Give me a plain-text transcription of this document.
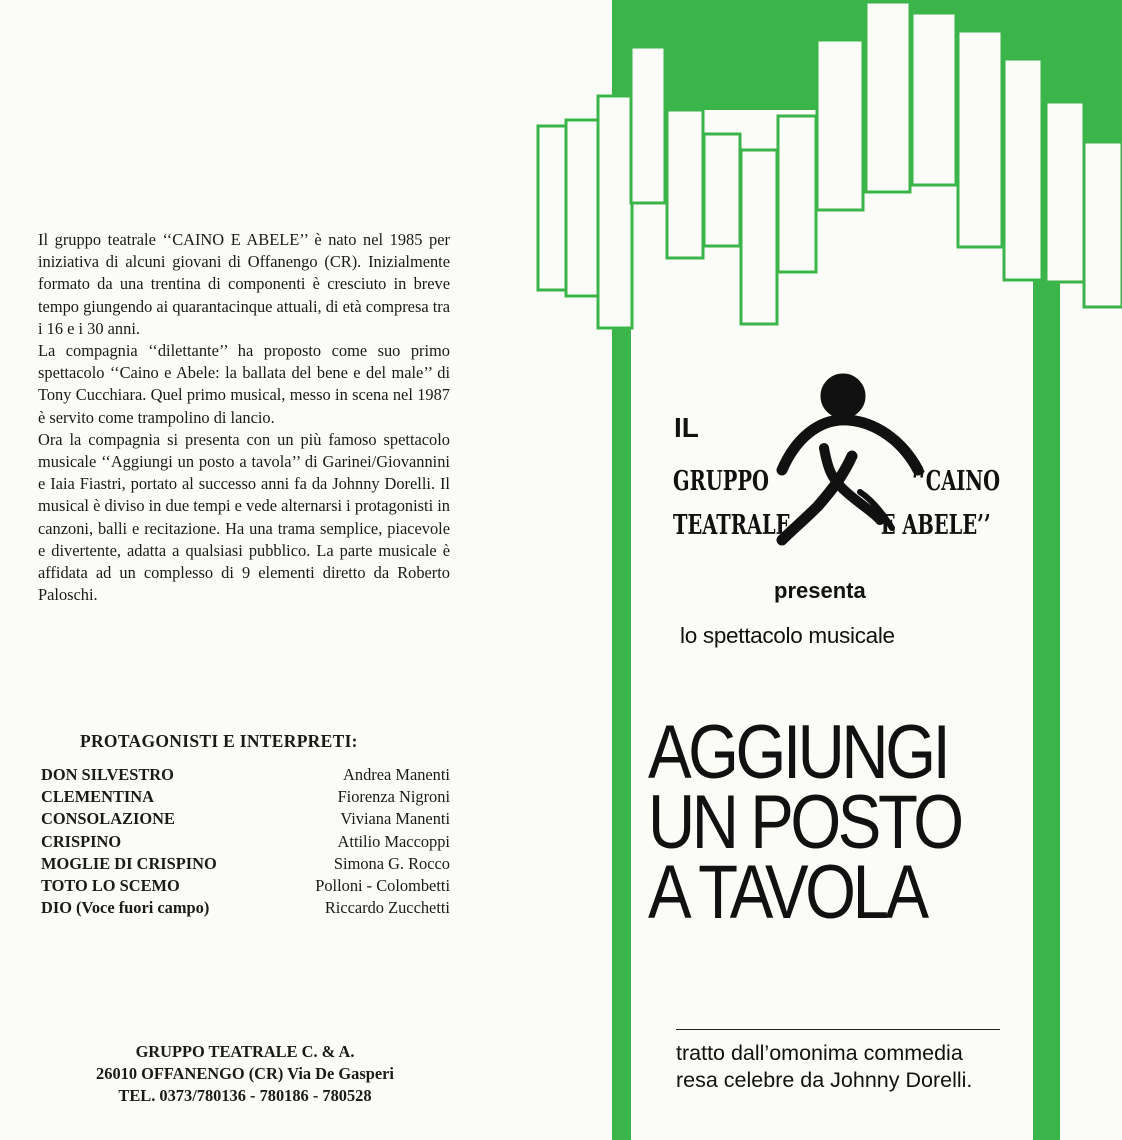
Il gruppo teatrale ‘‘CAINO E ABELE’’ è nato nel 1985 per iniziativa di alcuni giovani di Offanengo (CR). Inizialmente formato da una trentina di componenti è cresciuto in breve tempo giungendo ai quarantacinque attuali, di età compresa tra i 16 e i 30 anni.

La compagnia ‘‘dilettante’’ ha proposto come suo primo spettacolo ‘‘Caino e Abele: la ballata del bene e del male’’ di Tony Cucchiara. Quel primo musical, messo in scena nel 1987 è servito come trampolino di lancio.

Ora la compagnia si presenta con un più famoso spettacolo musicale ‘‘Aggiungi un posto a tavola’’ di Garinei/Giovannini e Iaia Fiastri, portato al successo anni fa da Johnny Dorelli. Il musical è diviso in due tempi e vede alternarsi i protagonisti in canzoni, balli e recitazione. Ha una trama semplice, piacevole e divertente, adatta a qualsiasi pubblico. La parte musicale è affidata ad un complesso di 9 elementi diretto da Roberto Paloschi.

PROTAGONISTI E INTERPRETI:
DON SILVESTRO	Andrea Manenti
CLEMENTINA	Fiorenza Nigroni
CONSOLAZIONE	Viviana Manenti
CRISPINO	Attilio Maccoppi
MOGLIE DI CRISPINO	Simona G. Rocco
TOTO LO SCEMO	Polloni - Colombetti
DIO (Voce fuori campo)	Riccardo Zucchetti
GRUPPO TEATRALE C. & A.
26010 OFFANENGO (CR) Via De Gasperi
TEL. 0373/780136 - 780186 - 780528
IL
GRUPPO
TEATRALE
‘‘CAINO
E ABELE’’
presenta
lo spettacolo musicale
AGGIUNGI
UN POSTO
A TAVOLA
tratto dall’omonima commedia
resa celebre da Johnny Dorelli.
